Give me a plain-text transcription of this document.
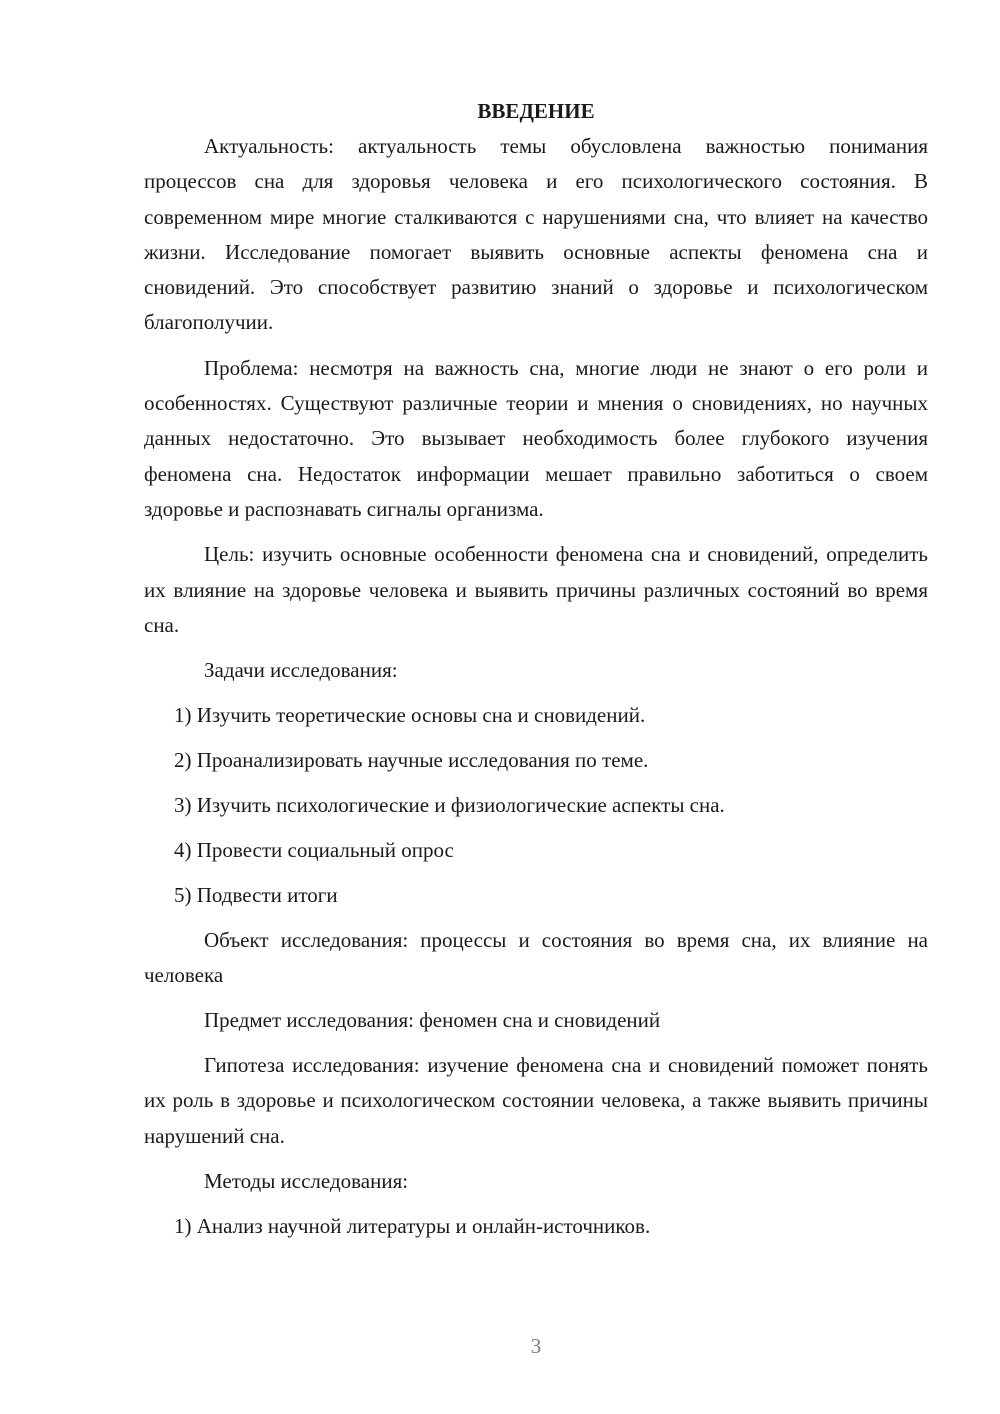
ВВЕДЕНИЕ

Актуальность: актуальность темы обусловлена важностью понимания процессов сна для здоровья человека и его психологического состояния. В современном мире многие сталкиваются с нарушениями сна, что влияет на качество жизни. Исследование помогает выявить основные аспекты феномена сна и сновидений. Это способствует развитию знаний о здоровье и психологическом благополучии.

Проблема: несмотря на важность сна, многие люди не знают о его роли и особенностях. Существуют различные теории и мнения о сновидениях, но научных данных недостаточно. Это вызывает необходимость более глубокого изучения феномена сна. Недостаток информации мешает правильно заботиться о своем здоровье и распознавать сигналы организма.

Цель: изучить основные особенности феномена сна и сновидений, определить их влияние на здоровье человека и выявить причины различных состояний во время сна.

Задачи исследования:

1) Изучить теоретические основы сна и сновидений.

2) Проанализировать научные исследования по теме.

3) Изучить психологические и физиологические аспекты сна.

4) Провести социальный опрос

5) Подвести итоги

Объект исследования: процессы и состояния во время сна, их влияние на человека

Предмет исследования: феномен сна и сновидений

Гипотеза исследования: изучение феномена сна и сновидений поможет понять их роль в здоровье и психологическом состоянии человека, а также выявить причины нарушений сна.

Методы исследования:

1) Анализ научной литературы и онлайн-источников.

3
